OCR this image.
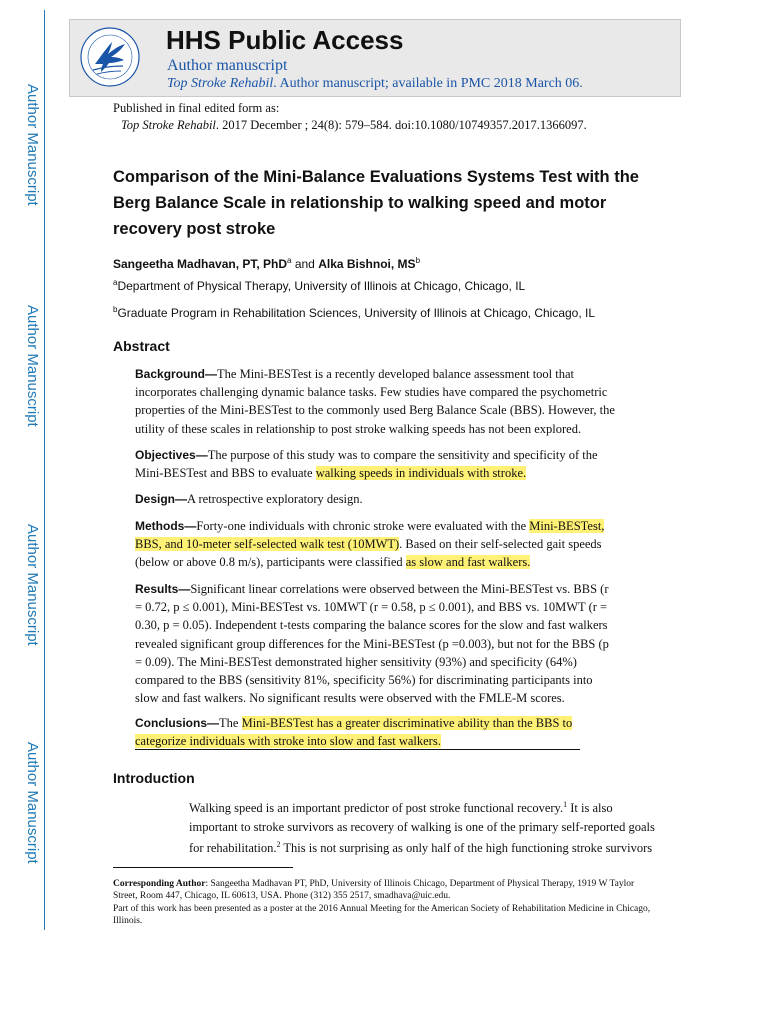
Author Manuscript
Author Manuscript
Author Manuscript
Author Manuscript
HHS Public Access
Author manuscript
Top Stroke Rehabil. Author manuscript; available in PMC 2018 March 06.
Published in final edited form as:
Top Stroke Rehabil. 2017 December ; 24(8): 579–584. doi:10.1080/10749357.2017.1366097.
Comparison of the Mini-Balance Evaluations Systems Test with the Berg Balance Scale in relationship to walking speed and motor recovery post stroke
Sangeetha Madhavan, PT, PhD$^a$ and Alka Bishnoi, $MS^b$
$^a$Department of Physical Therapy, University of Illinois at Chicago, Chicago, IL
$^b$Graduate Program in Rehabilitation Sciences, University of Illinois at Chicago, Chicago, IL
Abstract
Background—The Mini-BESTest is a recently developed balance assessment tool that incorporates challenging dynamic balance tasks. Few studies have compared the psychometric properties of the Mini-BESTest to the commonly used Berg Balance Scale (BBS). However, the utility of these scales in relationship to post stroke walking speeds has not been explored.
Objectives—The purpose of this study was to compare the sensitivity and specificity of the Mini-BESTest and BBS to evaluate walking speeds in individuals with stroke.
Design—A retrospective exploratory design.
Methods—Forty-one individuals with chronic stroke were evaluated with the Mini-BESTest, BBS, and 10-meter self-selected walk test (10MWT). Based on their self-selected gait speeds (below or above 0.8 m/s), participants were classified as slow and fast walkers.
Results—Significant linear correlations were observed between the Mini-BESTest vs. BBS (r = 0.72, p ≤ 0.001), Mini-BESTest vs. 10MWT (r = 0.58, p ≤ 0.001), and BBS vs. 10MWT (r = 0.30, p = 0.05). Independent t-tests comparing the balance scores for the slow and fast walkers revealed significant group differences for the Mini-BESTest (p =0.003), but not for the BBS (p = 0.09). The Mini-BESTest demonstrated higher sensitivity (93%) and specificity (64%) compared to the BBS (sensitivity 81%, specificity 56%) for discriminating participants into slow and fast walkers. No significant results were observed with the FMLE-M scores.
Conclusions—The Mini-BESTest has a greater discriminative ability than the BBS to categorize individuals with stroke into slow and fast walkers.
Introduction
Walking speed is an important predictor of post stroke functional recovery.$^1$ It is also important to stroke survivors as recovery of walking is one of the primary self-reported goals for rehabilitation.$^2$ This is not surprising as only half of the high functioning stroke survivors

Corresponding Author: Sangeetha Madhavan PT, PhD, University of Illinois Chicago, Department of Physical Therapy, 1919 W Taylor Street, Room 447, Chicago, IL 60613, USA. Phone (312) 355 2517, smadhava@uic.edu.

Part of this work has been presented as a poster at the 2016 Annual Meeting for the American Society of Rehabilitation Medicine in Chicago, Illinois.
